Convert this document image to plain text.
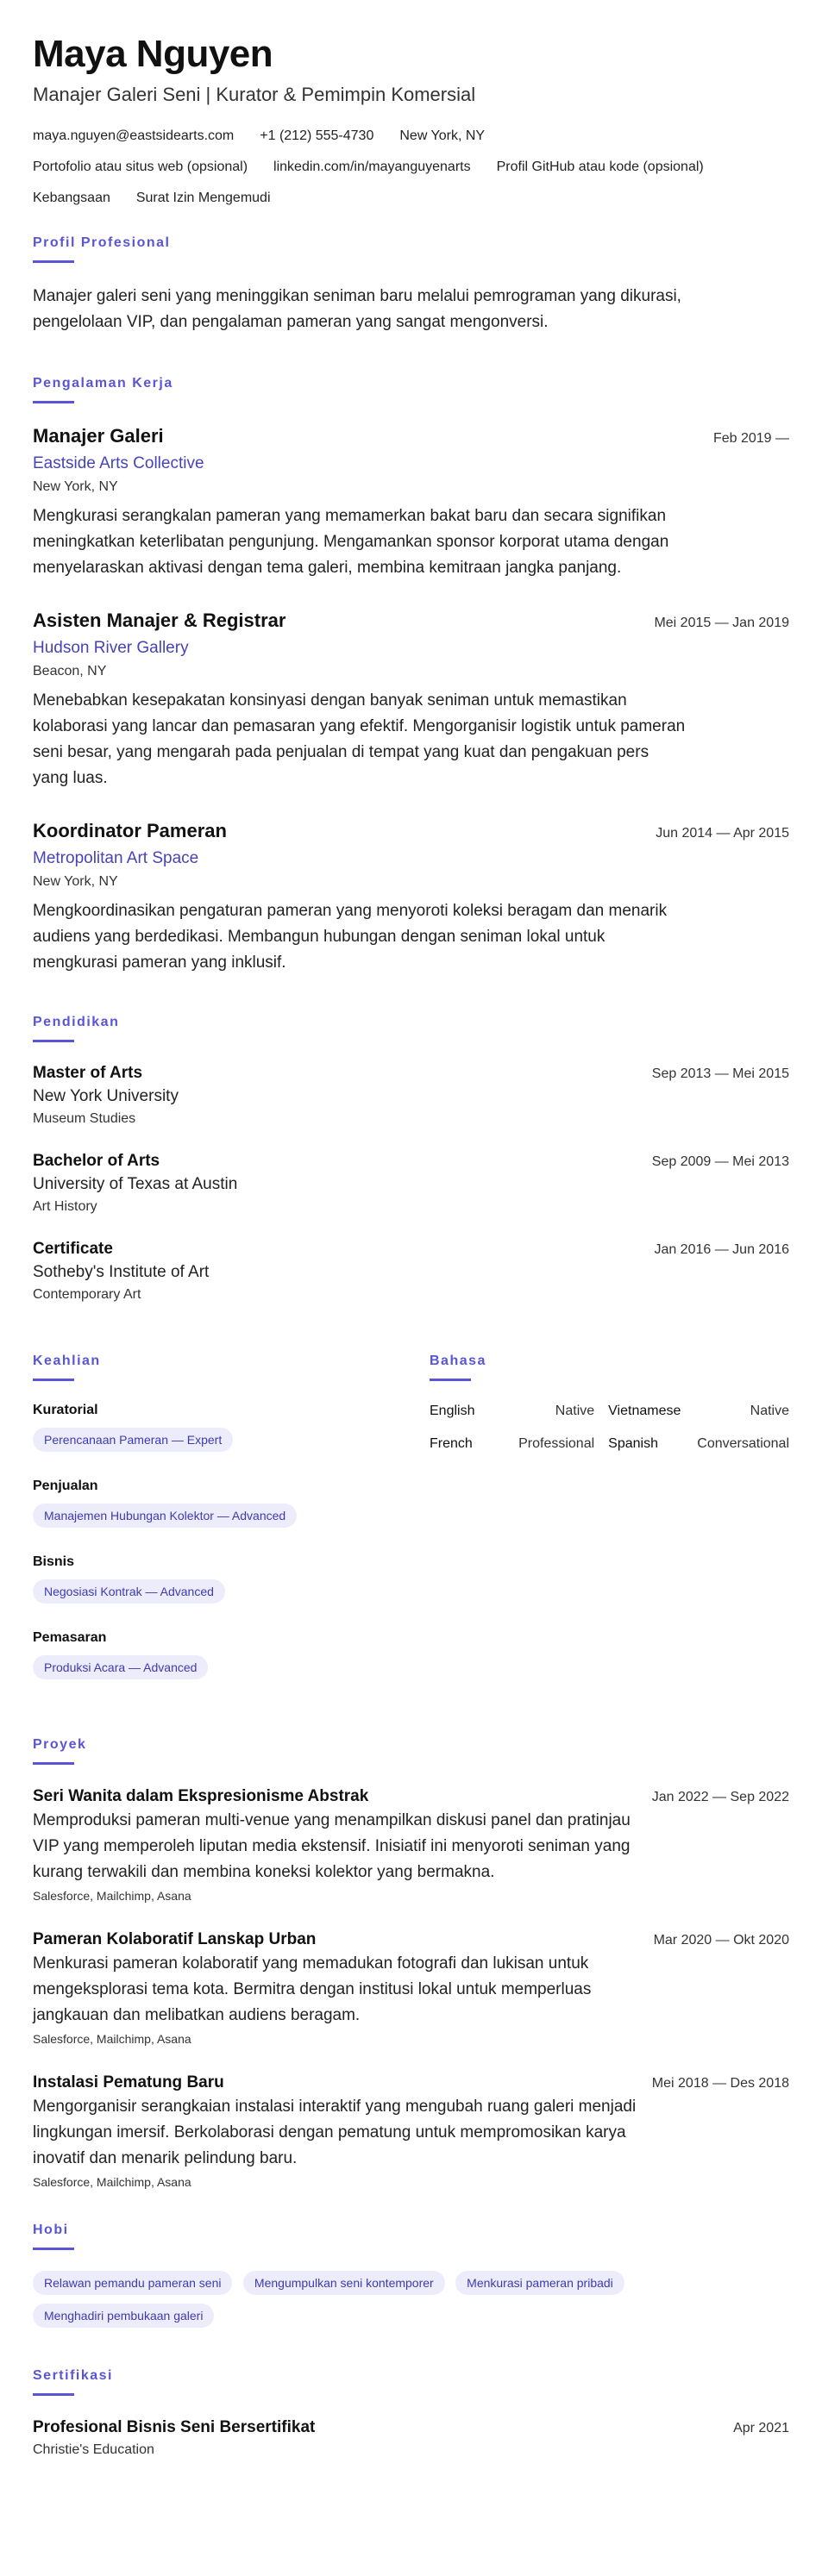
Maya Nguyen
Manajer Galeri Seni | Kurator & Pemimpin Komersial
maya.nguyen@eastsidearts.com +1 (212) 555-4730 New York, NY
Portofolio atau situs web (opsional) linkedin.com/in/mayanguyenarts Profil GitHub atau kode (opsional)
Kebangsaan Surat Izin Mengemudi
Profil Profesional
Manajer galeri seni yang meninggikan seniman baru melalui pemrograman yang dikurasi, pengelolaan VIP, dan pengalaman pameran yang sangat mengonversi.
Pengalaman Kerja
Manajer Galeri	Feb 2019 —
Eastside Arts Collective
New York, NY
Mengkurasi serangkalan pameran yang memamerkan bakat baru dan secara signifikan meningkatkan keterlibatan pengunjung. Mengamankan sponsor korporat utama dengan menyelaraskan aktivasi dengan tema galeri, membina kemitraan jangka panjang.
Asisten Manajer & Registrar	Mei 2015 — Jan 2019
Hudson River Gallery
Beacon, NY
Menebabkan kesepakatan konsinyasi dengan banyak seniman untuk memastikan kolaborasi yang lancar dan pemasaran yang efektif. Mengorganisir logistik untuk pameran seni besar, yang mengarah pada penjualan di tempat yang kuat dan pengakuan pers yang luas.
Koordinator Pameran	Jun 2014 — Apr 2015
Metropolitan Art Space
New York, NY
Mengkoordinasikan pengaturan pameran yang menyoroti koleksi beragam dan menarik audiens yang berdedikasi. Membangun hubungan dengan seniman lokal untuk mengkurasi pameran yang inklusif.
Pendidikan
Master of Arts	Sep 2013 — Mei 2015
New York University
Museum Studies
Bachelor of Arts	Sep 2009 — Mei 2013
University of Texas at Austin
Art History
Certificate	Jan 2016 — Jun 2016
Sotheby's Institute of Art
Contemporary Art
Keahlian
Kuratorial
Perencanaan Pameran — Expert
Penjualan
Manajemen Hubungan Kolektor — Advanced
Bisnis
Negosiasi Kontrak — Advanced
Pemasaran
Produksi Acara — Advanced
Bahasa
English	Native	Vietnamese	Native
French	Professional	Spanish	Conversational
Proyek
Seri Wanita dalam Ekspresionisme Abstrak	Jan 2022 — Sep 2022
Memproduksi pameran multi-venue yang menampilkan diskusi panel dan pratinjau VIP yang memperoleh liputan media ekstensif. Inisiatif ini menyoroti seniman yang kurang terwakili dan membina koneksi kolektor yang bermakna.
Salesforce, Mailchimp, Asana
Pameran Kolaboratif Lanskap Urban	Mar 2020 — Okt 2020
Menkurasi pameran kolaboratif yang memadukan fotografi dan lukisan untuk mengeksplorasi tema kota. Bermitra dengan institusi lokal untuk memperluas jangkauan dan melibatkan audiens beragam.
Salesforce, Mailchimp, Asana
Instalasi Pematung Baru	Mei 2018 — Des 2018
Mengorganisir serangkaian instalasi interaktif yang mengubah ruang galeri menjadi lingkungan imersif. Berkolaborasi dengan pematung untuk mempromosikan karya inovatif dan menarik pelindung baru.
Salesforce, Mailchimp, Asana
Hobi
Relawan pemandu pameran seni	Mengumpulkan seni kontemporer	Menkurasi pameran pribadi Menghadiri pembukaan galeri
Sertifikasi
Profesional Bisnis Seni Bersertifikat	Apr 2021
Christie's Education
